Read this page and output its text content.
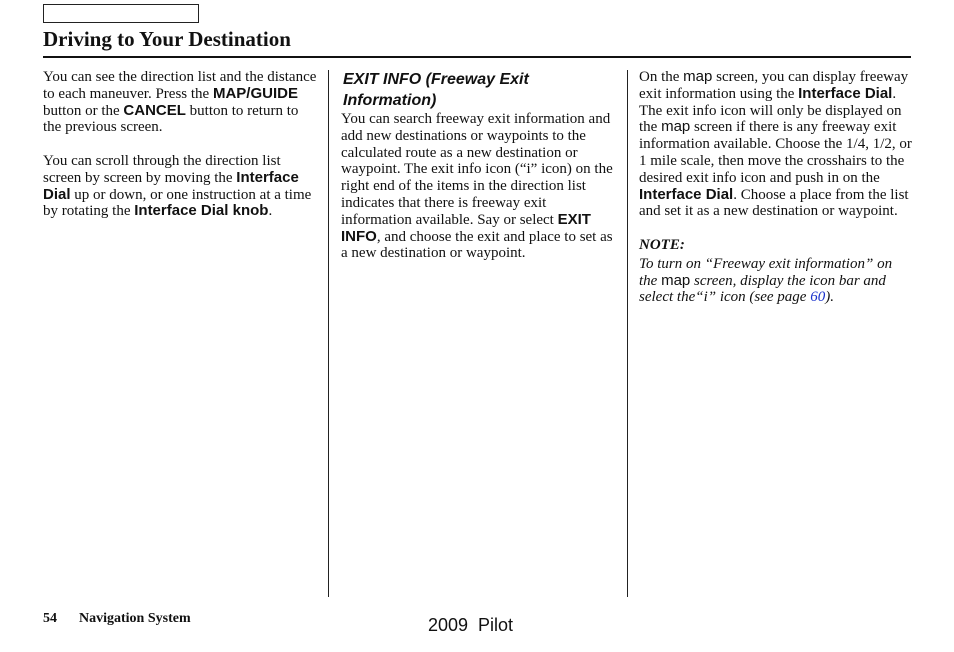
Driving to Your Destination

You can see the direction list and the distance to each maneuver. Press the MAP/GUIDE button or the CANCEL button to return to the previous screen.

You can scroll through the direction list screen by screen by moving the Interface Dial up or down, or one instruction at a time by rotating the Interface Dial knob.

EXIT INFO (Freeway Exit Information)

You can search freeway exit information and add new destinations or waypoints to the calculated route as a new destination or waypoint. The exit info icon (“i” icon) on the right end of the items in the direction list indicates that there is freeway exit information available. Say or select EXIT INFO, and choose the exit and place to set as a new destination or waypoint.

On the map screen, you can display freeway exit information using the Interface Dial. The exit info icon will only be displayed on the map screen if there is any freeway exit information available. Choose the 1/4, 1/2, or 1 mile scale, then move the crosshairs to the desired exit info icon and push in on the Interface Dial. Choose a place from the list and set it as a new destination or waypoint.

NOTE:

To turn on “Freeway exit information” on the map screen, display the icon bar and select the“i” icon (see page 60).

54 Navigation System	2009  Pilot
